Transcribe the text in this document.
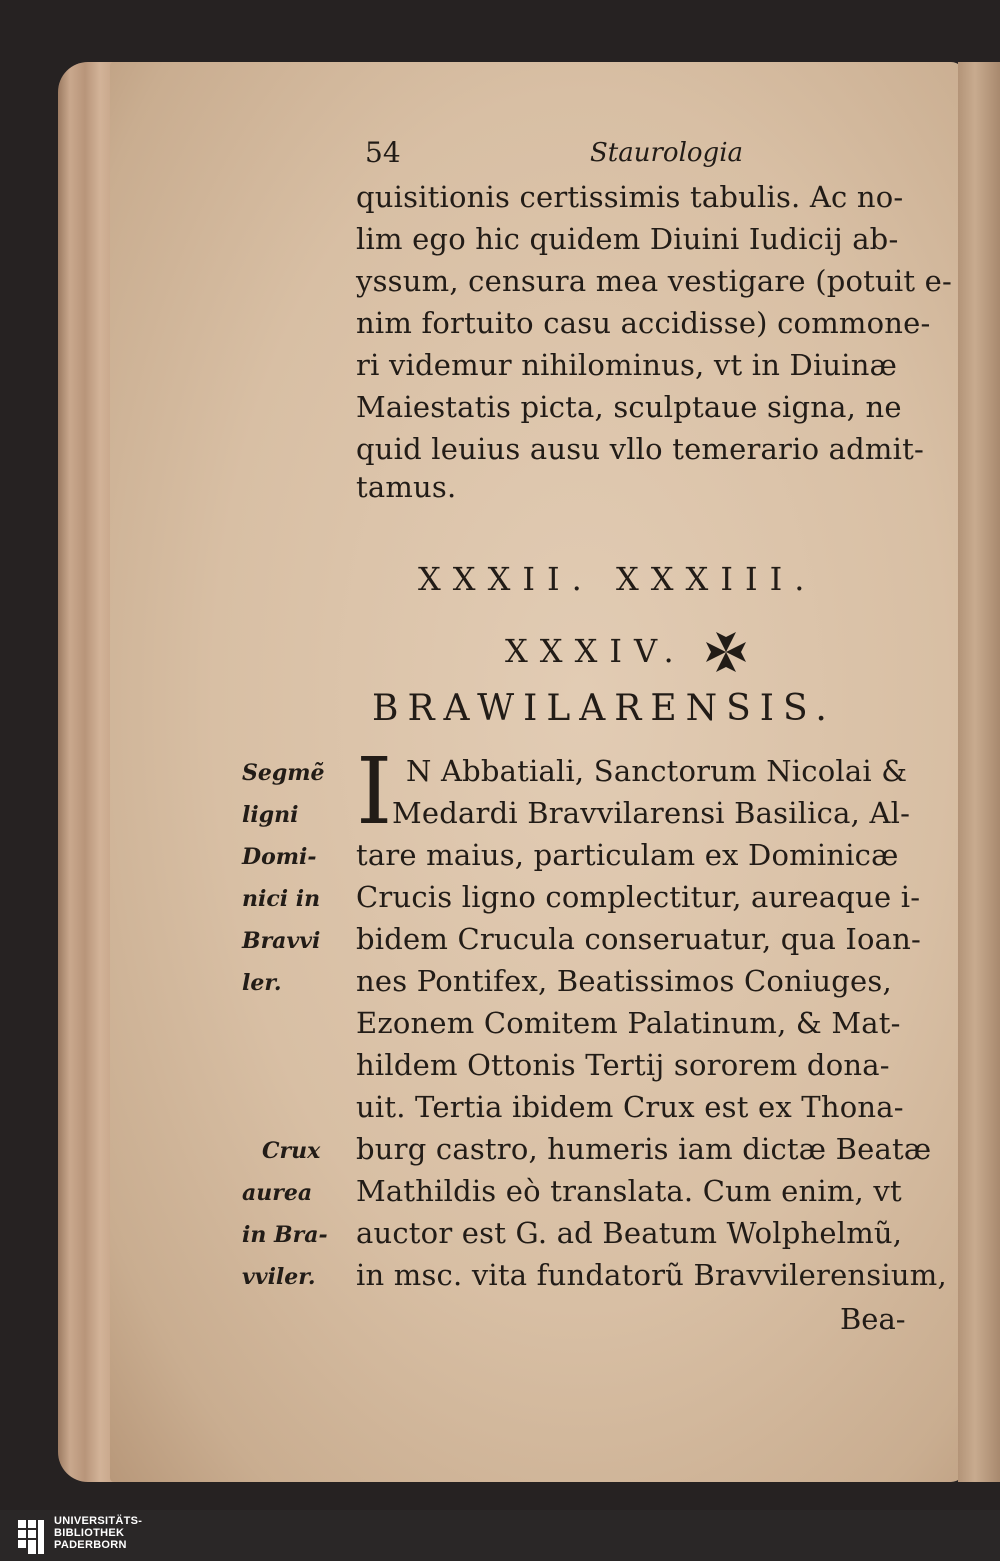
54	Staurologia
quisitionis certissimis tabulis. Ac no-
lim ego hic quidem Diuini Iudicij ab-
yssum, censura mea vestigare (potuit e-
nim fortuito casu accidisse) commone-
ri videmur nihilominus, vt in Diuinæ
Maiestatis picta, sculptaue signa, ne
quid leuius ausu vllo temerario admit-
tamus.
XXXII. XXXIII.
XXXIV.
BRAWILARENSIS.
I N Abbatiali, Sanctorum Nicolai &
Medardi Bravvilarensi Basilica, Al-
tare maius, particulam ex Dominicæ
Crucis ligno complectitur, aureaque i-
bidem Crucula conseruatur, qua Ioan-
nes Pontifex, Beatissimos Coniuges,
Ezonem Comitem Palatinum, & Mat-
hildem Ottonis Tertij sororem dona-
uit. Tertia ibidem Crux est ex Thona-
burg castro, humeris iam dictæ Beatæ
Mathildis eò translata. Cum enim, vt
auctor est G. ad Beatum Wolphelmũ,
in msc. vita fundatorũ Bravvilerensium,
Bea-
Segmẽ
ligni
Domi-
nici in
Bravvi
ler.
Crux
aurea
in Bra-
vviler.
UNIVERSITÄTS-
BIBLIOTHEK
PADERBORN
